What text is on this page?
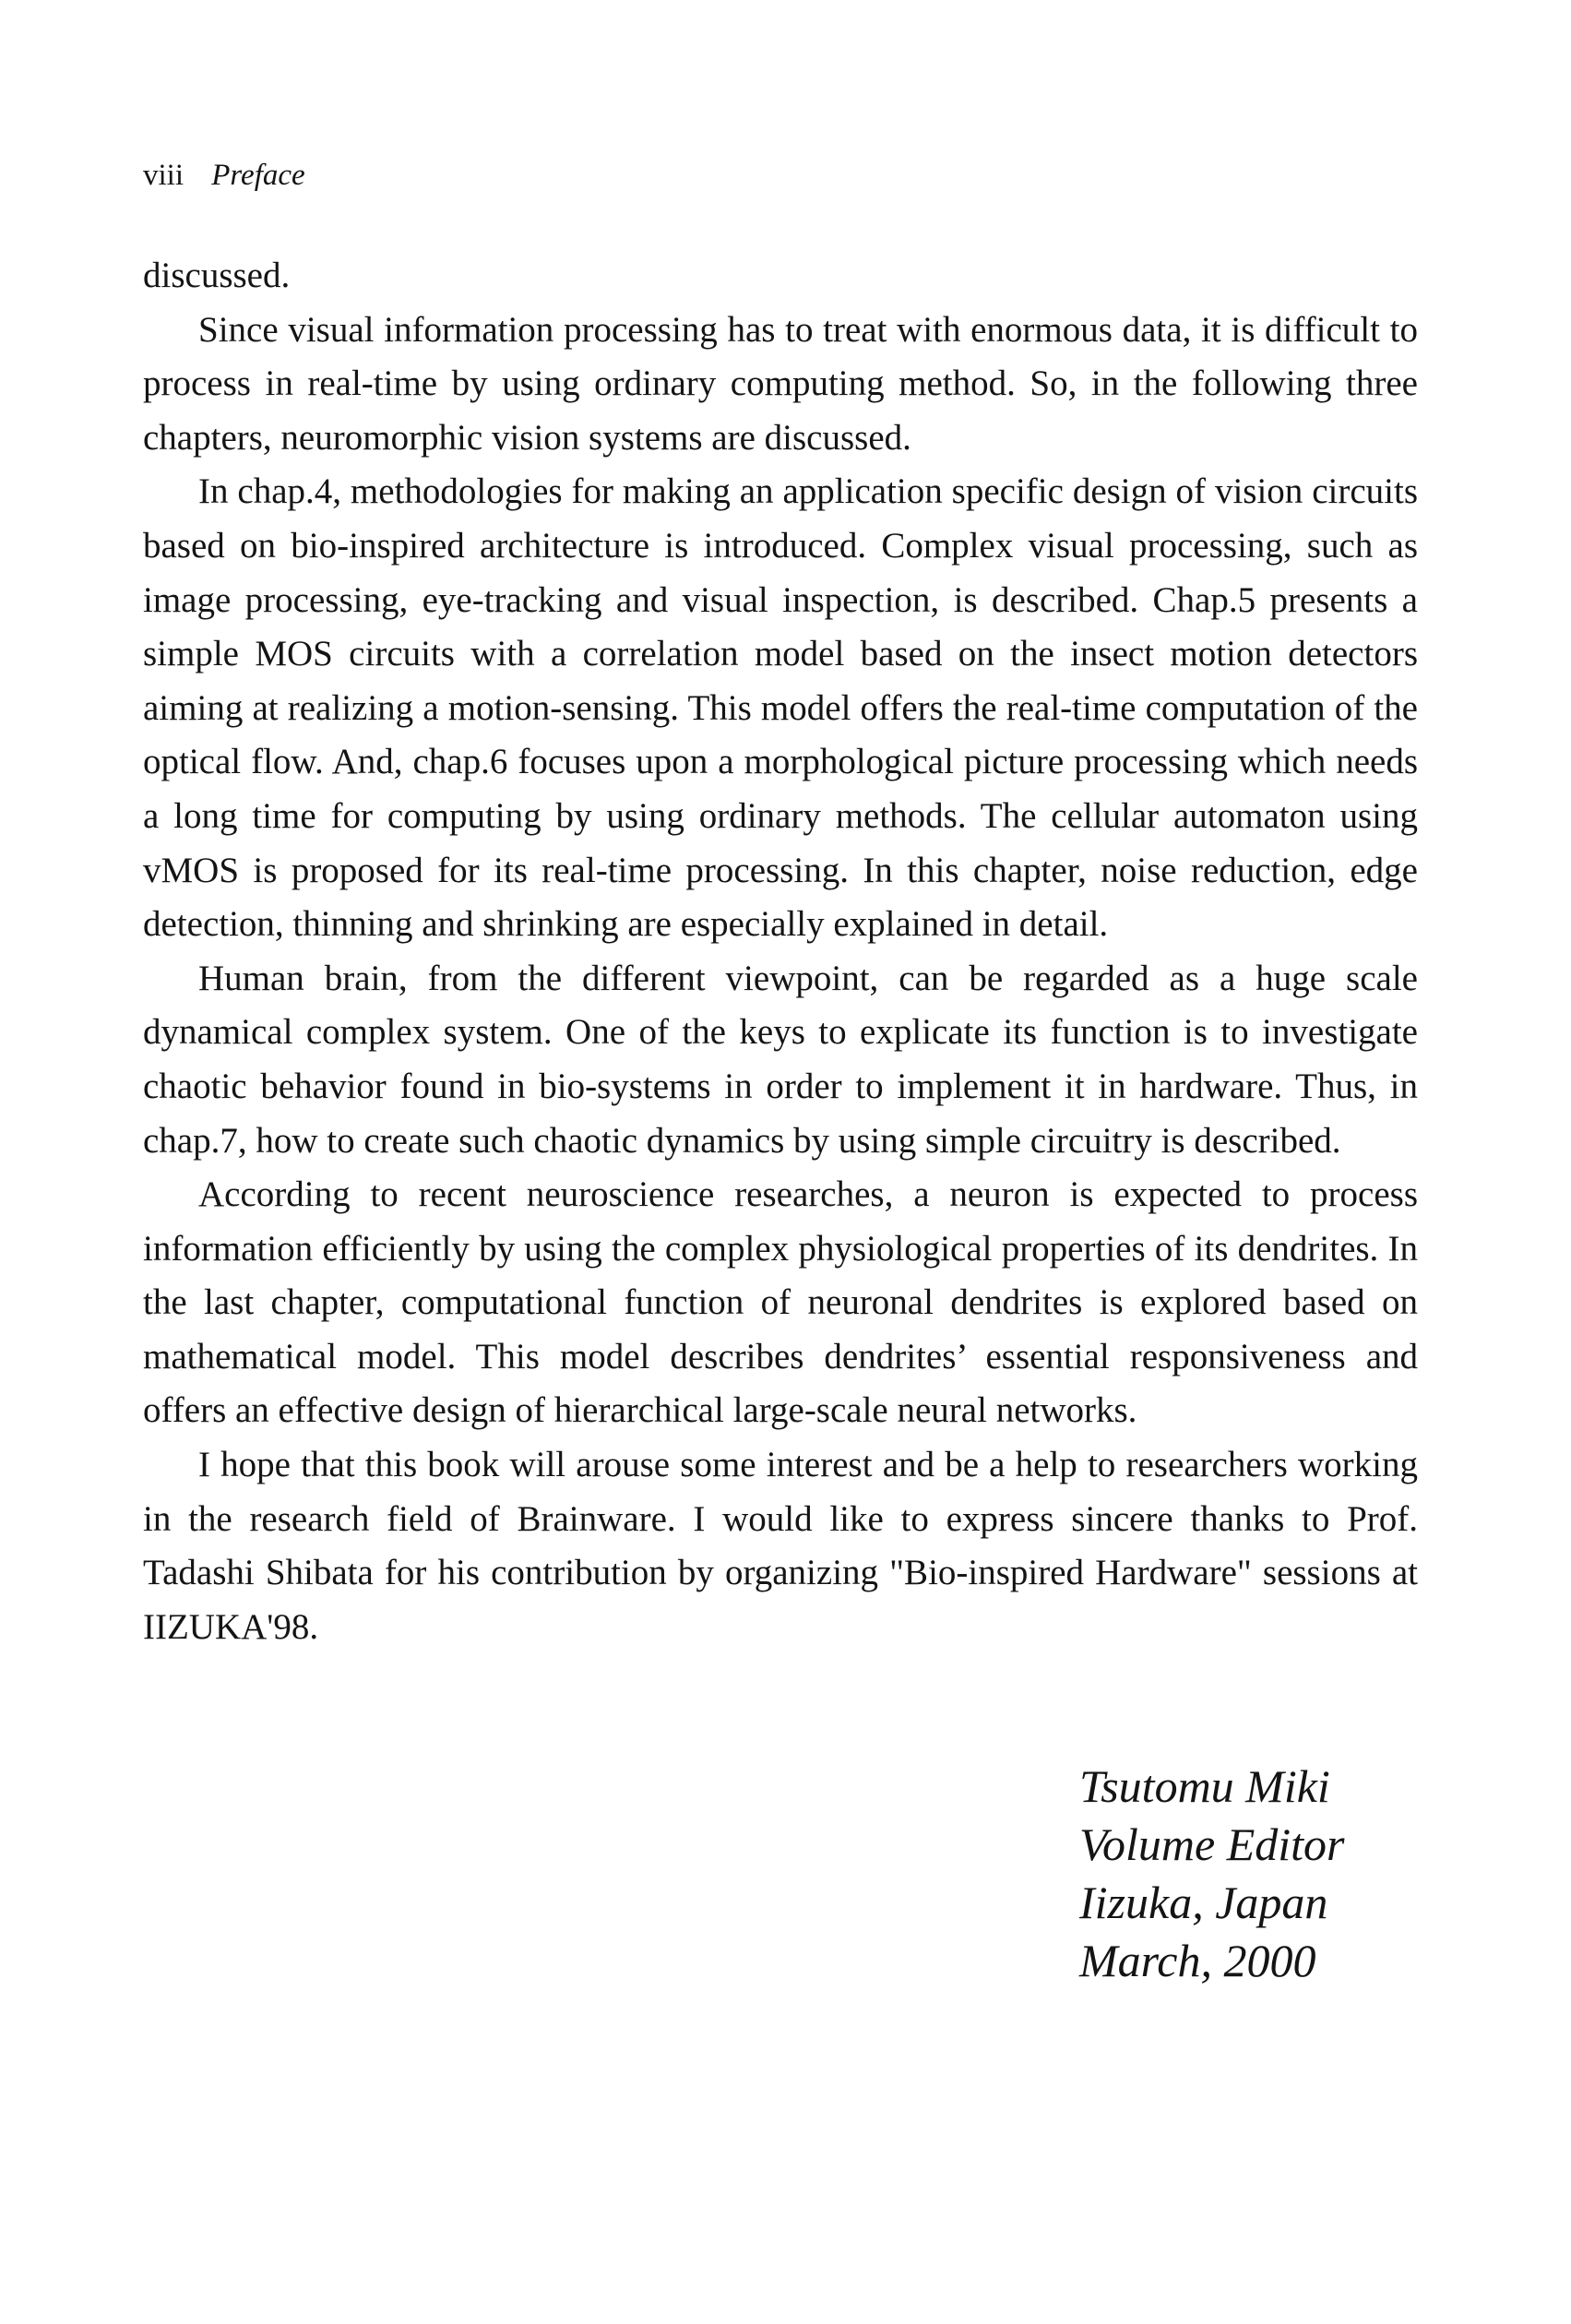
viii Preface

discussed.

Since visual information processing has to treat with enormous data, it is difficult to process in real-time by using ordinary computing method. So, in the following three chapters, neuromorphic vision systems are discussed.

In chap.4, methodologies for making an application specific design of vision circuits based on bio-inspired architecture is introduced. Complex visual processing, such as image processing, eye-tracking and visual inspection, is described. Chap.5 presents a simple MOS circuits with a correlation model based on the insect motion detectors aiming at realizing a motion-sensing. This model offers the real-time computation of the optical flow. And, chap.6 focuses upon a morphological picture processing which needs a long time for computing by using ordinary methods. The cellular automaton using vMOS is proposed for its real-time processing. In this chapter, noise reduction, edge detection, thinning and shrinking are especially explained in detail.

Human brain, from the different viewpoint, can be regarded as a huge scale dynamical complex system. One of the keys to explicate its function is to investigate chaotic behavior found in bio-systems in order to implement it in hardware. Thus, in chap.7, how to create such chaotic dynamics by using simple circuitry is described.

According to recent neuroscience researches, a neuron is expected to process information efficiently by using the complex physiological properties of its dendrites. In the last chapter, computational function of neuronal dendrites is explored based on mathematical model. This model describes dendrites’ essential responsiveness and offers an effective design of hierarchical large-scale neural networks.

I hope that this book will arouse some interest and be a help to researchers working in the research field of Brainware. I would like to express sincere thanks to Prof. Tadashi Shibata for his contribution by organizing "Bio-inspired Hardware" sessions at IIZUKA'98.

Tsutomu Miki
Volume Editor
Iizuka, Japan
March, 2000
